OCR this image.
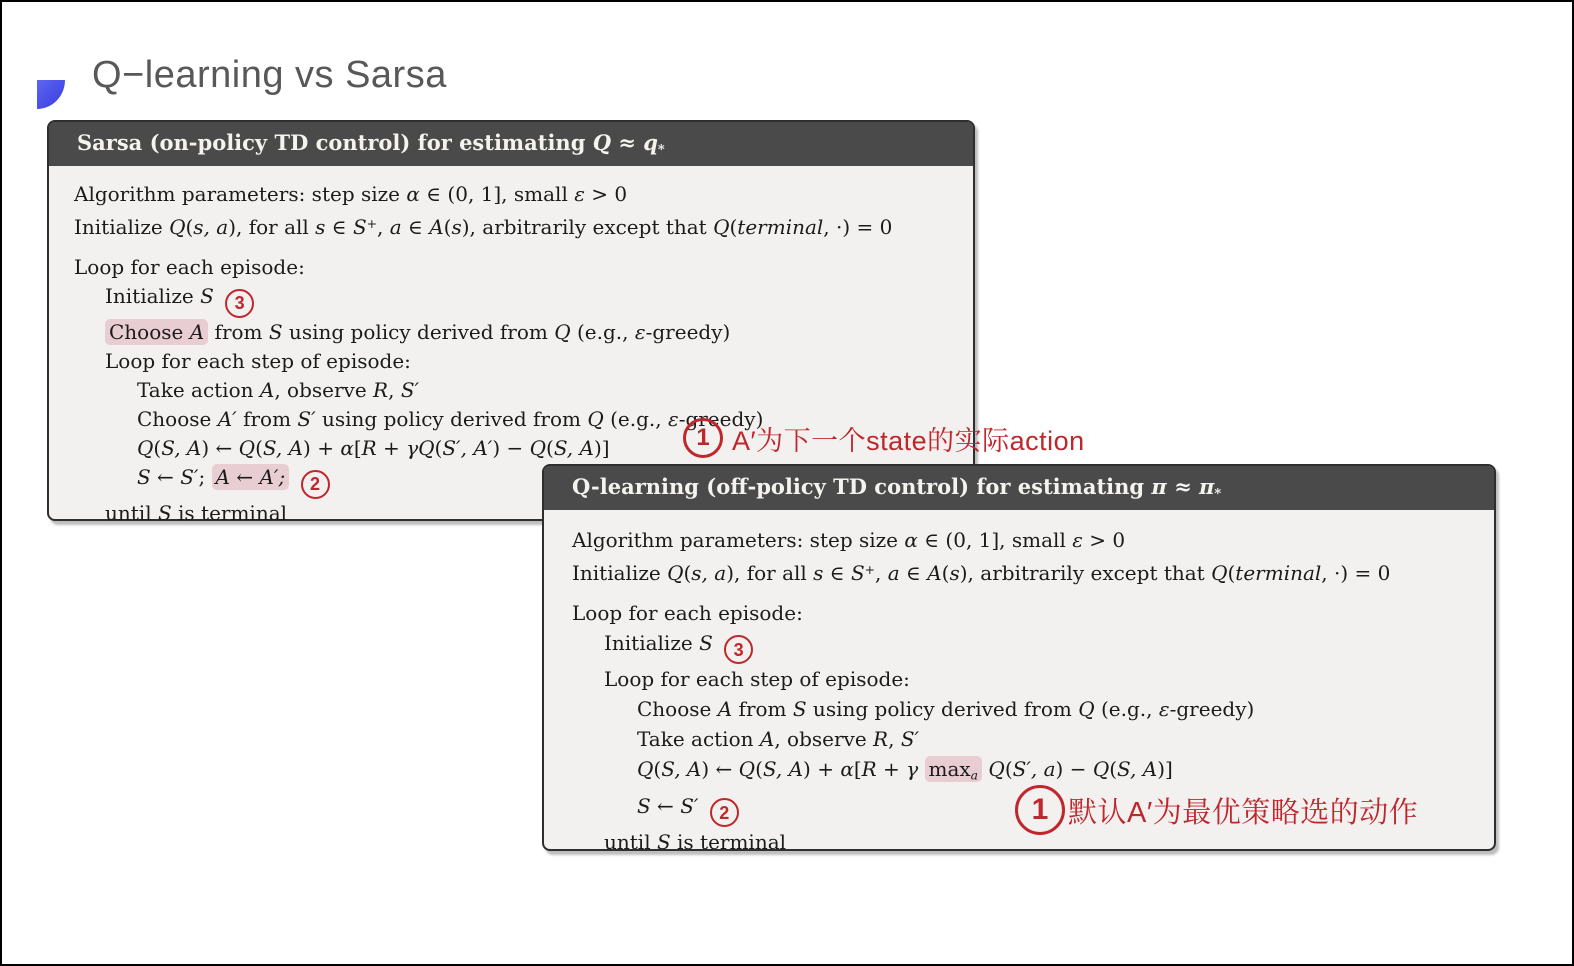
Q−learning vs Sarsa
Sarsa (on-policy TD control) for estimating $Q \approx q_*$
Algorithm parameters: step size α ∈ (0, 1], small ε > 0
Initialize Q(s, a), for all s ∈ S+, a ∈ A(s), arbitrarily except that Q(terminal, ·) = 0
Loop for each episode:
Initialize S 3
Choose A from S using policy derived from Q (e.g., ε-greedy)
Loop for each step of episode:
Take action A, observe R, S′
Choose A′ from S′ using policy derived from Q (e.g., ε-greedy)
Q(S, A) ← Q(S, A) + α[R + γQ(S′, A′) − Q(S, A)]
S ← S′; A ← A′; 2
until S is terminal
Q-learning (off-policy TD control) for estimating $\pi \approx \pi_*$
Algorithm parameters: step size α ∈ (0, 1], small ε > 0
Initialize Q(s, a), for all s ∈ S+, a ∈ A(s), arbitrarily except that Q(terminal, ·) = 0
Loop for each episode:
Initialize S 3
Loop for each step of episode:
Choose A from S using policy derived from Q (e.g., ε-greedy)
Take action A, observe R, S′
Q(S, A) ← Q(S, A) + α[R + γ $\max_a Q(S'$, a) − Q(S, A)]
S ← S′ 2
until S is terminal
1 A′为下一个state的实际action
1 默认A′为最优策略选的动作
